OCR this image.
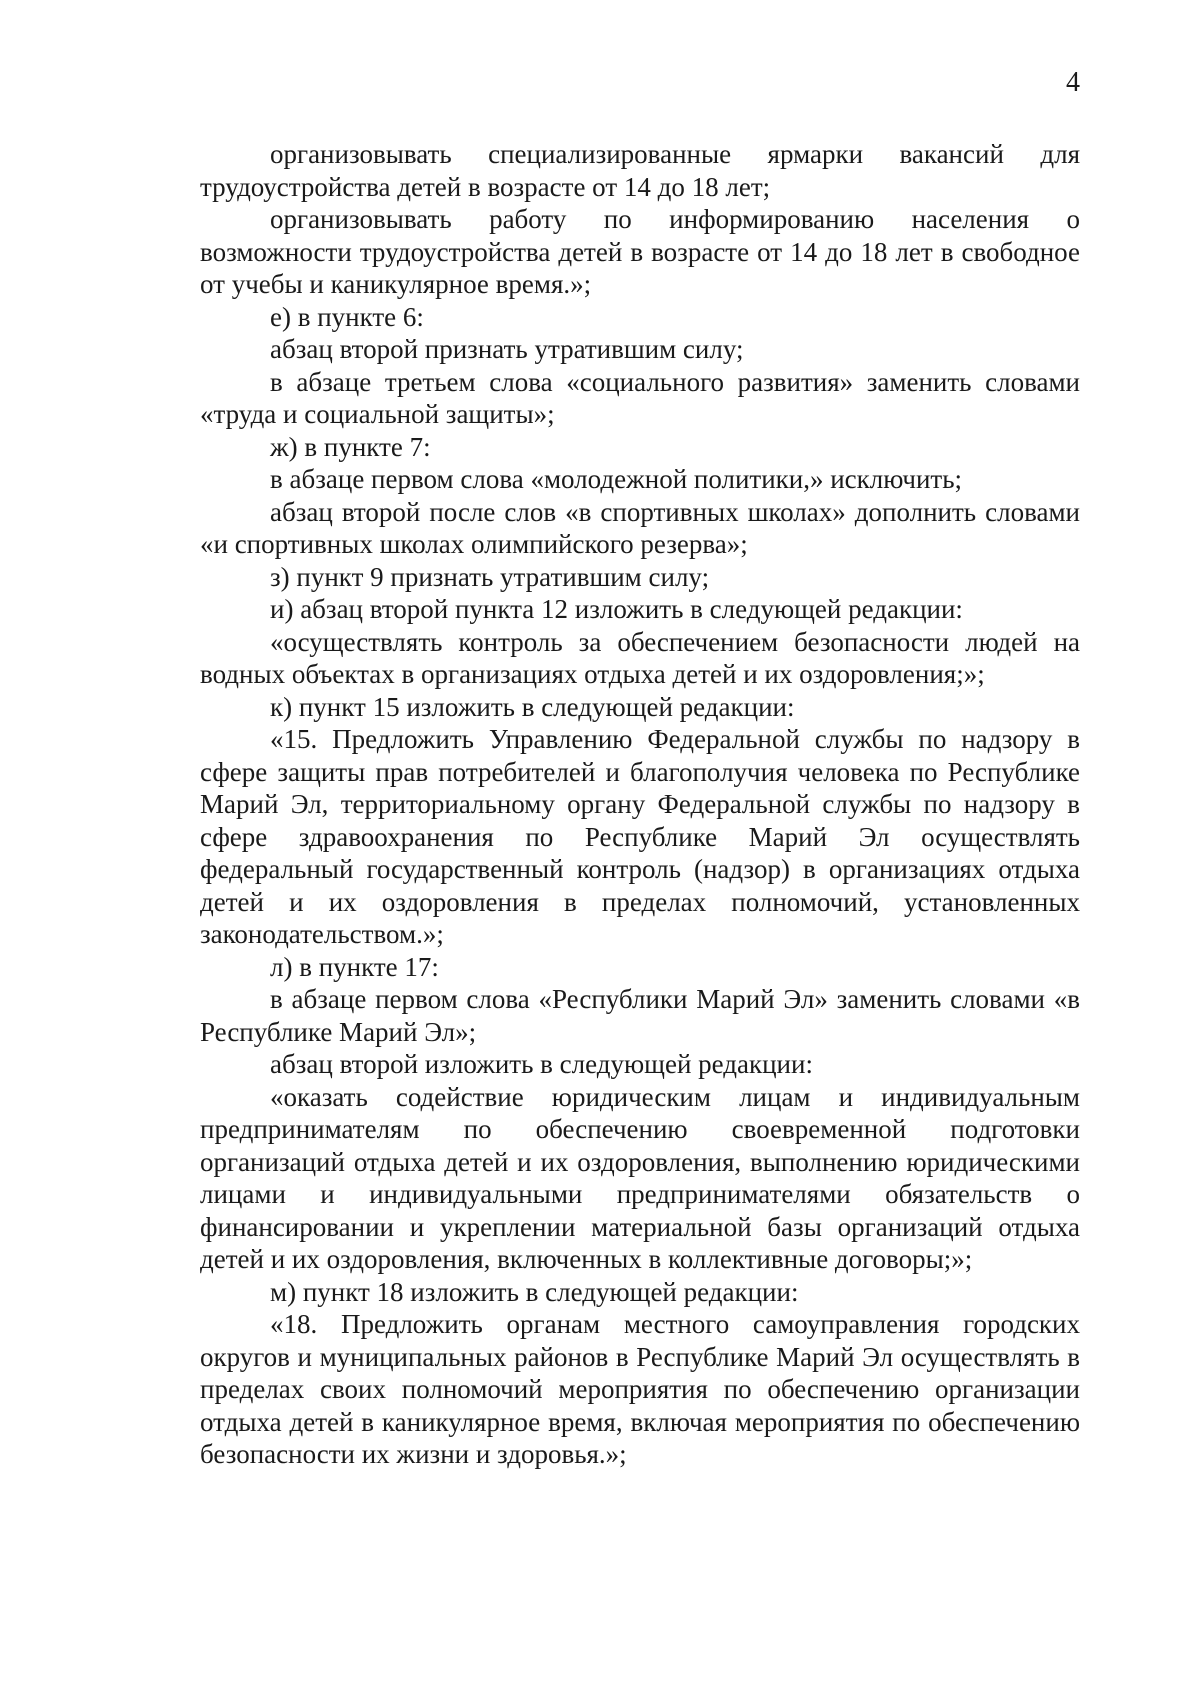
4

организовывать специализированные ярмарки вакансий для трудоустройства детей в возрасте от 14 до 18 лет;

организовывать работу по информированию населения о возможности трудоустройства детей в возрасте от 14 до 18 лет в свободное от учебы и каникулярное время.»;

е) в пункте 6:

абзац второй признать утратившим силу;

в абзаце третьем слова «социального развития» заменить словами «труда и социальной защиты»;

ж) в пункте 7:

в абзаце первом слова «молодежной политики,» исключить;

абзац второй после слов «в спортивных школах» дополнить словами «и спортивных школах олимпийского резерва»;

з) пункт 9 признать утратившим силу;

и) абзац второй пункта 12 изложить в следующей редакции:

«осуществлять контроль за обеспечением безопасности людей на водных объектах в организациях отдыха детей и их оздоровления;»;

к) пункт 15 изложить в следующей редакции:

«15. Предложить Управлению Федеральной службы по надзору в сфере защиты прав потребителей и благополучия человека по Республике Марий Эл, территориальному органу Федеральной службы по надзору в сфере здравоохранения по Республике Марий Эл осуществлять федеральный государственный контроль (надзор) в организациях отдыха детей и их оздоровления в пределах полномочий, установленных законодательством.»;

л) в пункте 17:

в абзаце первом слова «Республики Марий Эл» заменить словами «в Республике Марий Эл»;

абзац второй изложить в следующей редакции:

«оказать содействие юридическим лицам и индивидуальным предпринимателям по обеспечению своевременной подготовки организаций отдыха детей и их оздоровления, выполнению юридическими лицами и индивидуальными предпринимателями обязательств о финансировании и укреплении материальной базы организаций отдыха детей и их оздоровления, включенных в коллективные договоры;»;

м) пункт 18 изложить в следующей редакции:

«18. Предложить органам местного самоуправления городских округов и муниципальных районов в Республике Марий Эл осуществлять в пределах своих полномочий мероприятия по обеспечению организации отдыха детей в каникулярное время, включая мероприятия по обеспечению безопасности их жизни и здоровья.»;
